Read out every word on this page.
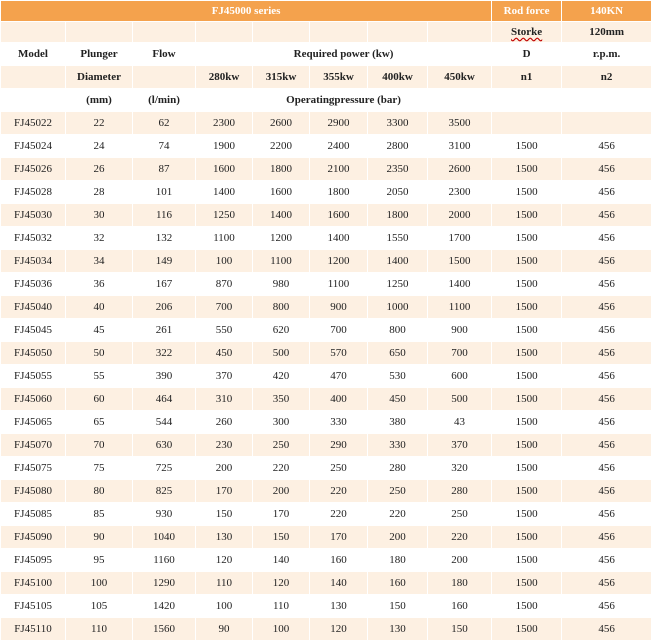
FJ45000 series								Rod force	140KN
								Storke	120mm
Model	Plunger	Flow	Required power (kw)					D	r.p.m.
	Diameter		280kw	315kw	355kw	400kw	450kw	n1	n2
	(mm)	(l/min)	Operatingpressure (bar)						
FJ45022	22	62	2300	2600	2900	3300	3500		
FJ45024	24	74	1900	2200	2400	2800	3100	1500	456
FJ45026	26	87	1600	1800	2100	2350	2600	1500	456
FJ45028	28	101	1400	1600	1800	2050	2300	1500	456
FJ45030	30	116	1250	1400	1600	1800	2000	1500	456
FJ45032	32	132	1100	1200	1400	1550	1700	1500	456
FJ45034	34	149	100	1100	1200	1400	1500	1500	456
FJ45036	36	167	870	980	1100	1250	1400	1500	456
FJ45040	40	206	700	800	900	1000	1100	1500	456
FJ45045	45	261	550	620	700	800	900	1500	456
FJ45050	50	322	450	500	570	650	700	1500	456
FJ45055	55	390	370	420	470	530	600	1500	456
FJ45060	60	464	310	350	400	450	500	1500	456
FJ45065	65	544	260	300	330	380	43	1500	456
FJ45070	70	630	230	250	290	330	370	1500	456
FJ45075	75	725	200	220	250	280	320	1500	456
FJ45080	80	825	170	200	220	250	280	1500	456
FJ45085	85	930	150	170	220	220	250	1500	456
FJ45090	90	1040	130	150	170	200	220	1500	456
FJ45095	95	1160	120	140	160	180	200	1500	456
FJ45100	100	1290	110	120	140	160	180	1500	456
FJ45105	105	1420	100	110	130	150	160	1500	456
FJ45110	110	1560	90	100	120	130	150	1500	456
